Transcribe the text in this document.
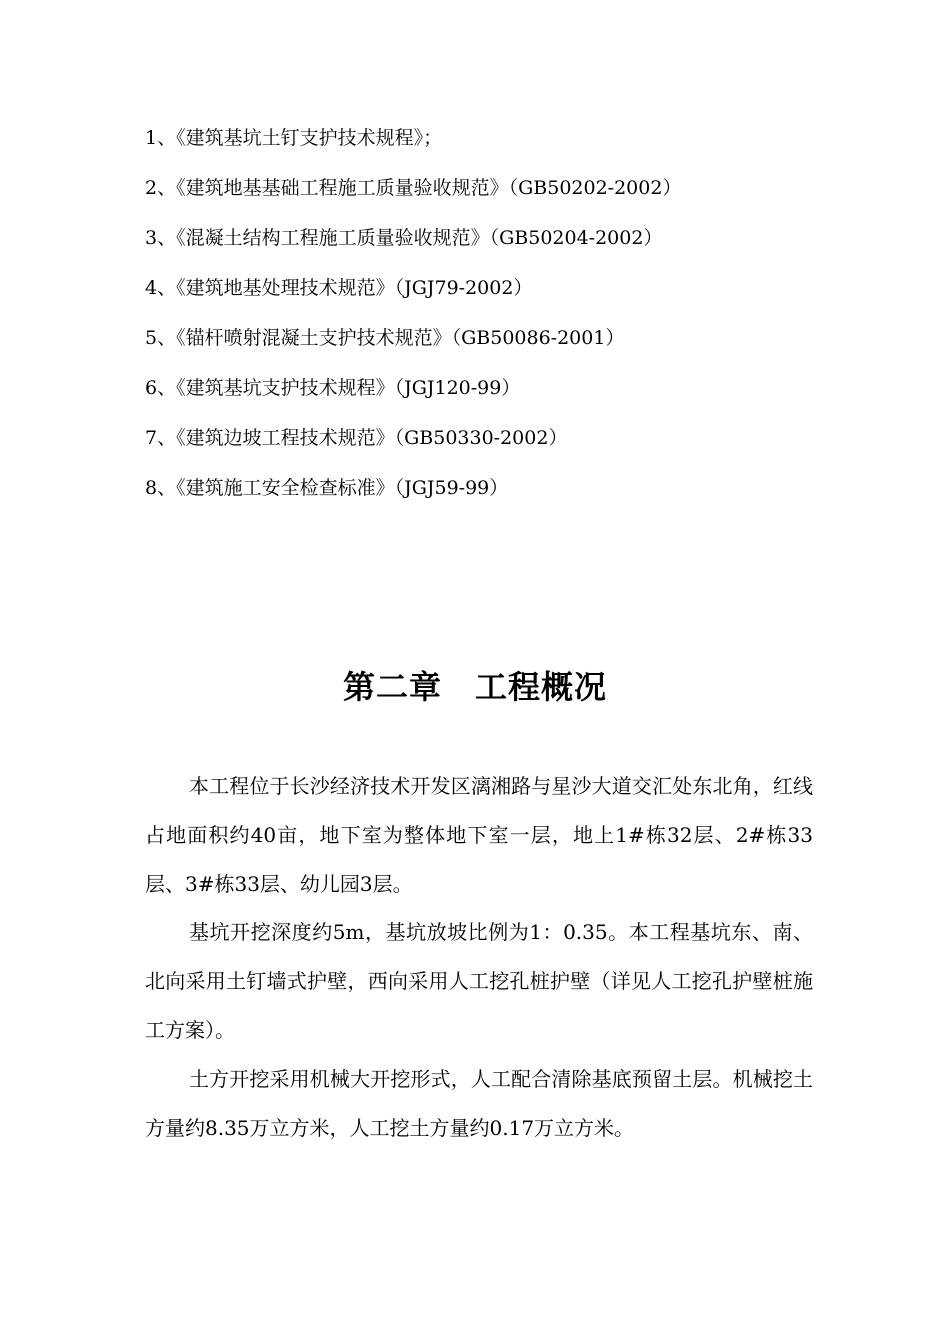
1、《建筑基坑土钉支护技术规程》；
2、《建筑地基基础工程施工质量验收规范》（GB50202-2002）
3、《混凝土结构工程施工质量验收规范》（GB50204-2002）
4、《建筑地基处理技术规范》（JGJ79-2002）
5、《锚杆喷射混凝土支护技术规范》（GB50086-2001）
6、《建筑基坑支护技术规程》（JGJ120-99）
7、《建筑边坡工程技术规范》（GB50330-2002）
8、《建筑施工安全检查标准》（JGJ59-99）
第二章　工程概况

本工程位于长沙经济技术开发区漓湘路与星沙大道交汇处东北角，红线占地面积约40亩，地下室为整体地下室一层，地上1#栋32层、2#栋33层、3#栋33层、幼儿园3层。

基坑开挖深度约5m，基坑放坡比例为1：0.35。本工程基坑东、南、北向采用土钉墙式护壁，西向采用人工挖孔桩护壁（详见人工挖孔护壁桩施工方案）。

土方开挖采用机械大开挖形式，人工配合清除基底预留土层。机械挖土方量约8.35万立方米，人工挖土方量约0.17万立方米。
